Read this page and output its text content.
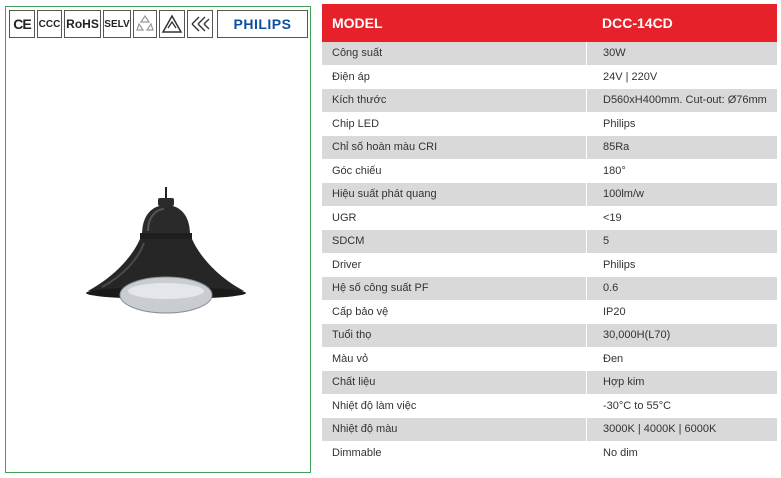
CE CCC RoHS SELV	PHILIPS	MODEL	DCC-14CD
Công suất	30W
Điện áp	24V | 220V
Kích thước	D560xH400mm. Cut-out: Ø76mm
Chip LED	Philips
Chỉ số hoàn màu CRI	85Ra
Góc chiếu	180°
Hiệu suất phát quang	100lm/w
UGR	<19
SDCM	5
Driver	Philips
Hệ số công suất PF	0.6
Cấp bảo vệ	IP20
Tuổi thọ	30,000H(L70)
Màu vỏ	Đen
Chất liệu	Hợp kim
Nhiệt độ làm việc	-30°C to 55°C
Nhiệt độ màu	3000K | 4000K | 6000K
Dimmable	No dim
